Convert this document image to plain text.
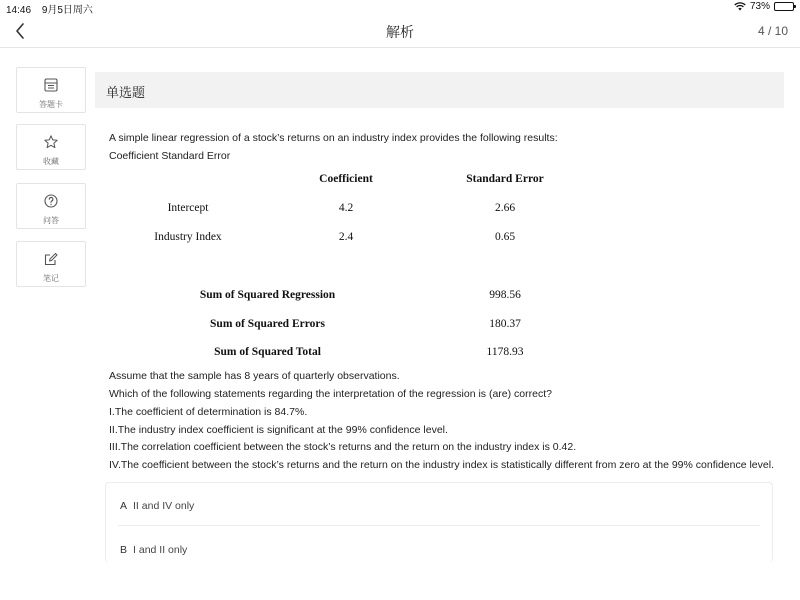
14:46 9月5日周六	73%
解析	4 / 10
答题卡
收藏
问答
笔记
单选题
A simple linear regression of a stock’s returns on an industry index provides the following results:
Coefficient Standard Error
Coefficient	Standard Error
Intercept	4.2	2.66
Industry Index	2.4	0.65
Sum of Squared Regression	998.56
Sum of Squared Errors	180.37
Sum of Squared Total	1178.93
Assume that the sample has 8 years of quarterly observations.
Which of the following statements regarding the interpretation of the regression is (are) correct?
I.The coefficient of determination is 84.7%.
II.The industry index coefficient is significant at the 99% confidence level.
III.The correlation coefficient between the stock’s returns and the return on the industry index is 0.42.
IV.The coefficient between the stock’s returns and the return on the industry index is statistically different from zero at the 99% confidence level.
A II and IV only
B I and II only
